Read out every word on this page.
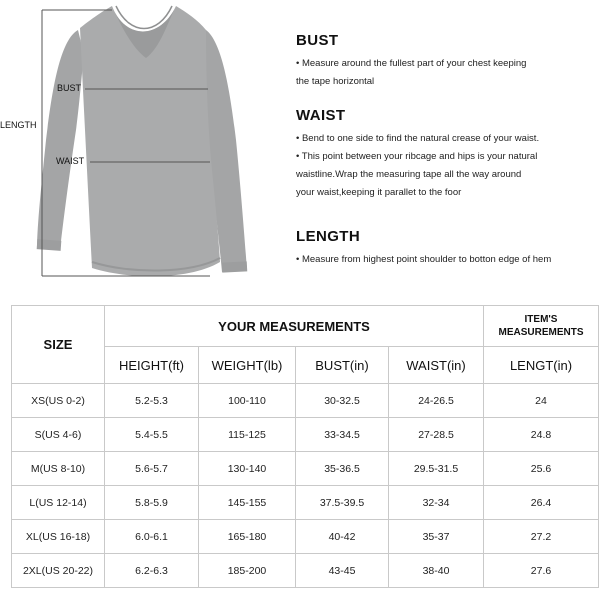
BUST
WAIST
LENGTH
BUST

• Measure around the fullest part of your chest keeping

the tape horizontal

WAIST

• Bend to one side to find the natural crease of your waist.

• This point between your ribcage and hips is your natural

waistline.Wrap the measuring tape all the way around

your waist,keeping it parallet to the foor

LENGTH

• Measure from highest point shoulder to botton edge of hem

SIZE	YOUR MEASUREMENTS				ITEM'S MEASUREMENTS
	HEIGHT(ft)	WEIGHT(lb)	BUST(in)	WAIST(in)	LENGT(in)
XS(US 0-2)	5.2-5.3	100-110	30-32.5	24-26.5	24
S(US 4-6)	5.4-5.5	115-125	33-34.5	27-28.5	24.8
M(US 8-10)	5.6-5.7	130-140	35-36.5	29.5-31.5	25.6
L(US 12-14)	5.8-5.9	145-155	37.5-39.5	32-34	26.4
XL(US 16-18)	6.0-6.1	165-180	40-42	35-37	27.2
2XL(US 20-22)	6.2-6.3	185-200	43-45	38-40	27.6
